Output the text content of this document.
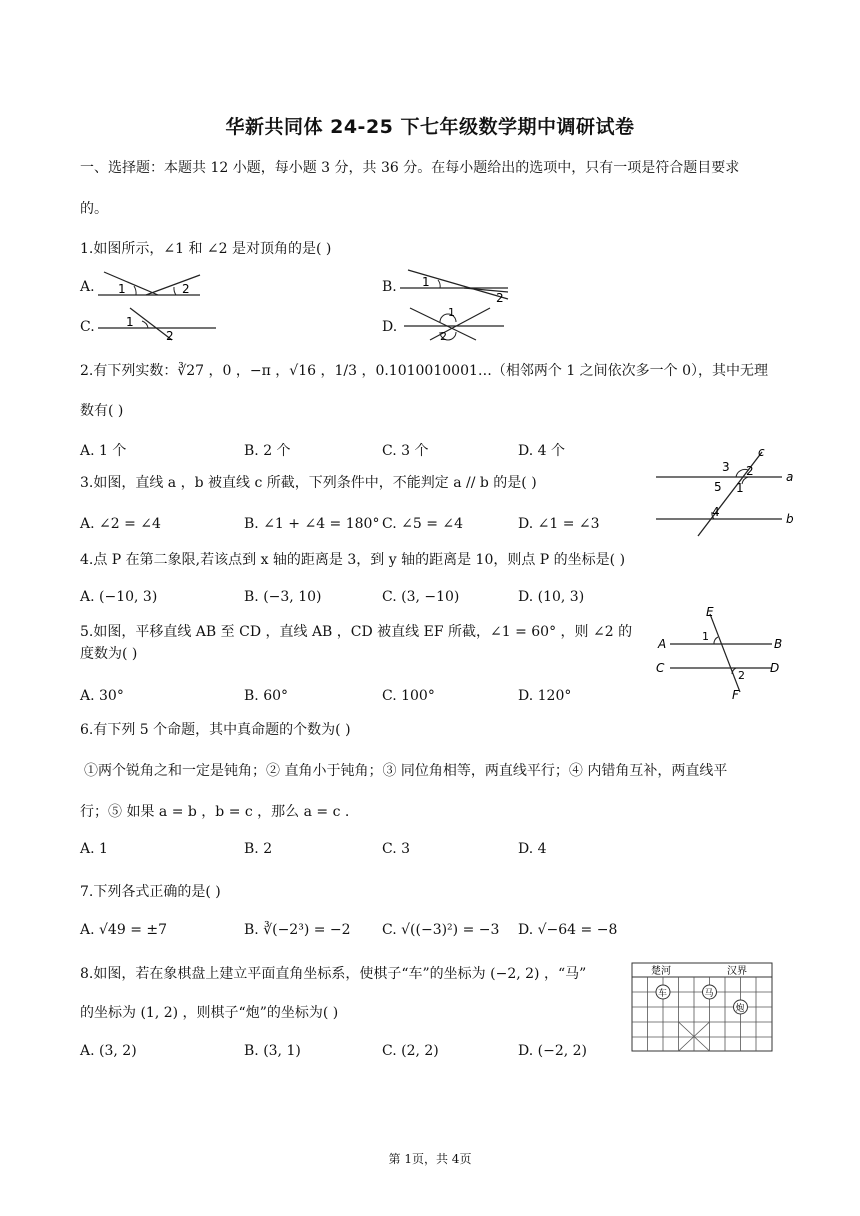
华新共同体 24-25 下七年级数学期中调研试卷
一、选择题：本题共 12 小题，每小题 3 分，共 36 分。在每小题给出的选项中，只有一项是符合题目要求
的。
1.如图所示，∠1 和 ∠2 是对顶角的是( )
A.	B.
C.	D.
1	2	1
2
1
2
1
2
2.有下列实数：∛27 ，0 ，−π ，√16 ，1/3 ，0.1010010001…（相邻两个 1 之间依次多一个 0），其中无理
数有( )
A. 1 个	B. 2 个	C. 3 个	D. 4 个
3.如图，直线 a ，b 被直线 c 所截，下列条件中，不能判定 a // b 的是( )
A. ∠2 = ∠4	B. ∠1 + ∠4 = 180° C. ∠5 = ∠4	D. ∠1 = ∠3
c
3 2
5 1
4
a
b
4.点 P 在第二象限,若该点到 x 轴的距离是 3，到 y 轴的距离是 10，则点 P 的坐标是( )
A. (−10, 3)	B. (−3, 10)	C. (3, −10)	D. (10, 3)
5.如图，平移直线 AB 至 CD ，直线 AB ，CD 被直线 EF 所截，∠1 = 60° ，则 ∠2 的
度数为( )
A. 30°	B. 60°	C. 100°	D. 120°
E
A
1
B
C	D
2
F
6.有下列 5 个命题，其中真命题的个数为( )
①两个锐角之和一定是钝角；② 直角小于钝角；③ 同位角相等，两直线平行；④ 内错角互补，两直线平
行；⑤ 如果 a = b ，b = c ，那么 a = c .
A. 1	B. 2	C. 3	D. 4
7.下列各式正确的是( )
A. √49 = ±7	B. ∛(−2³) = −2 C. √((−3)²) = −3 D. √−64 = −8
8.如图，若在象棋盘上建立平面直角坐标系，使棋子“车”的坐标为 (−2, 2) ，“马”
的坐标为 (1, 2) ，则棋子“炮”的坐标为( )
A. (3, 2)	B. (3, 1)	C. (2, 2)	D. (−2, 2)
楚河	汉界
车	马
炮
第 1页，共 4页
